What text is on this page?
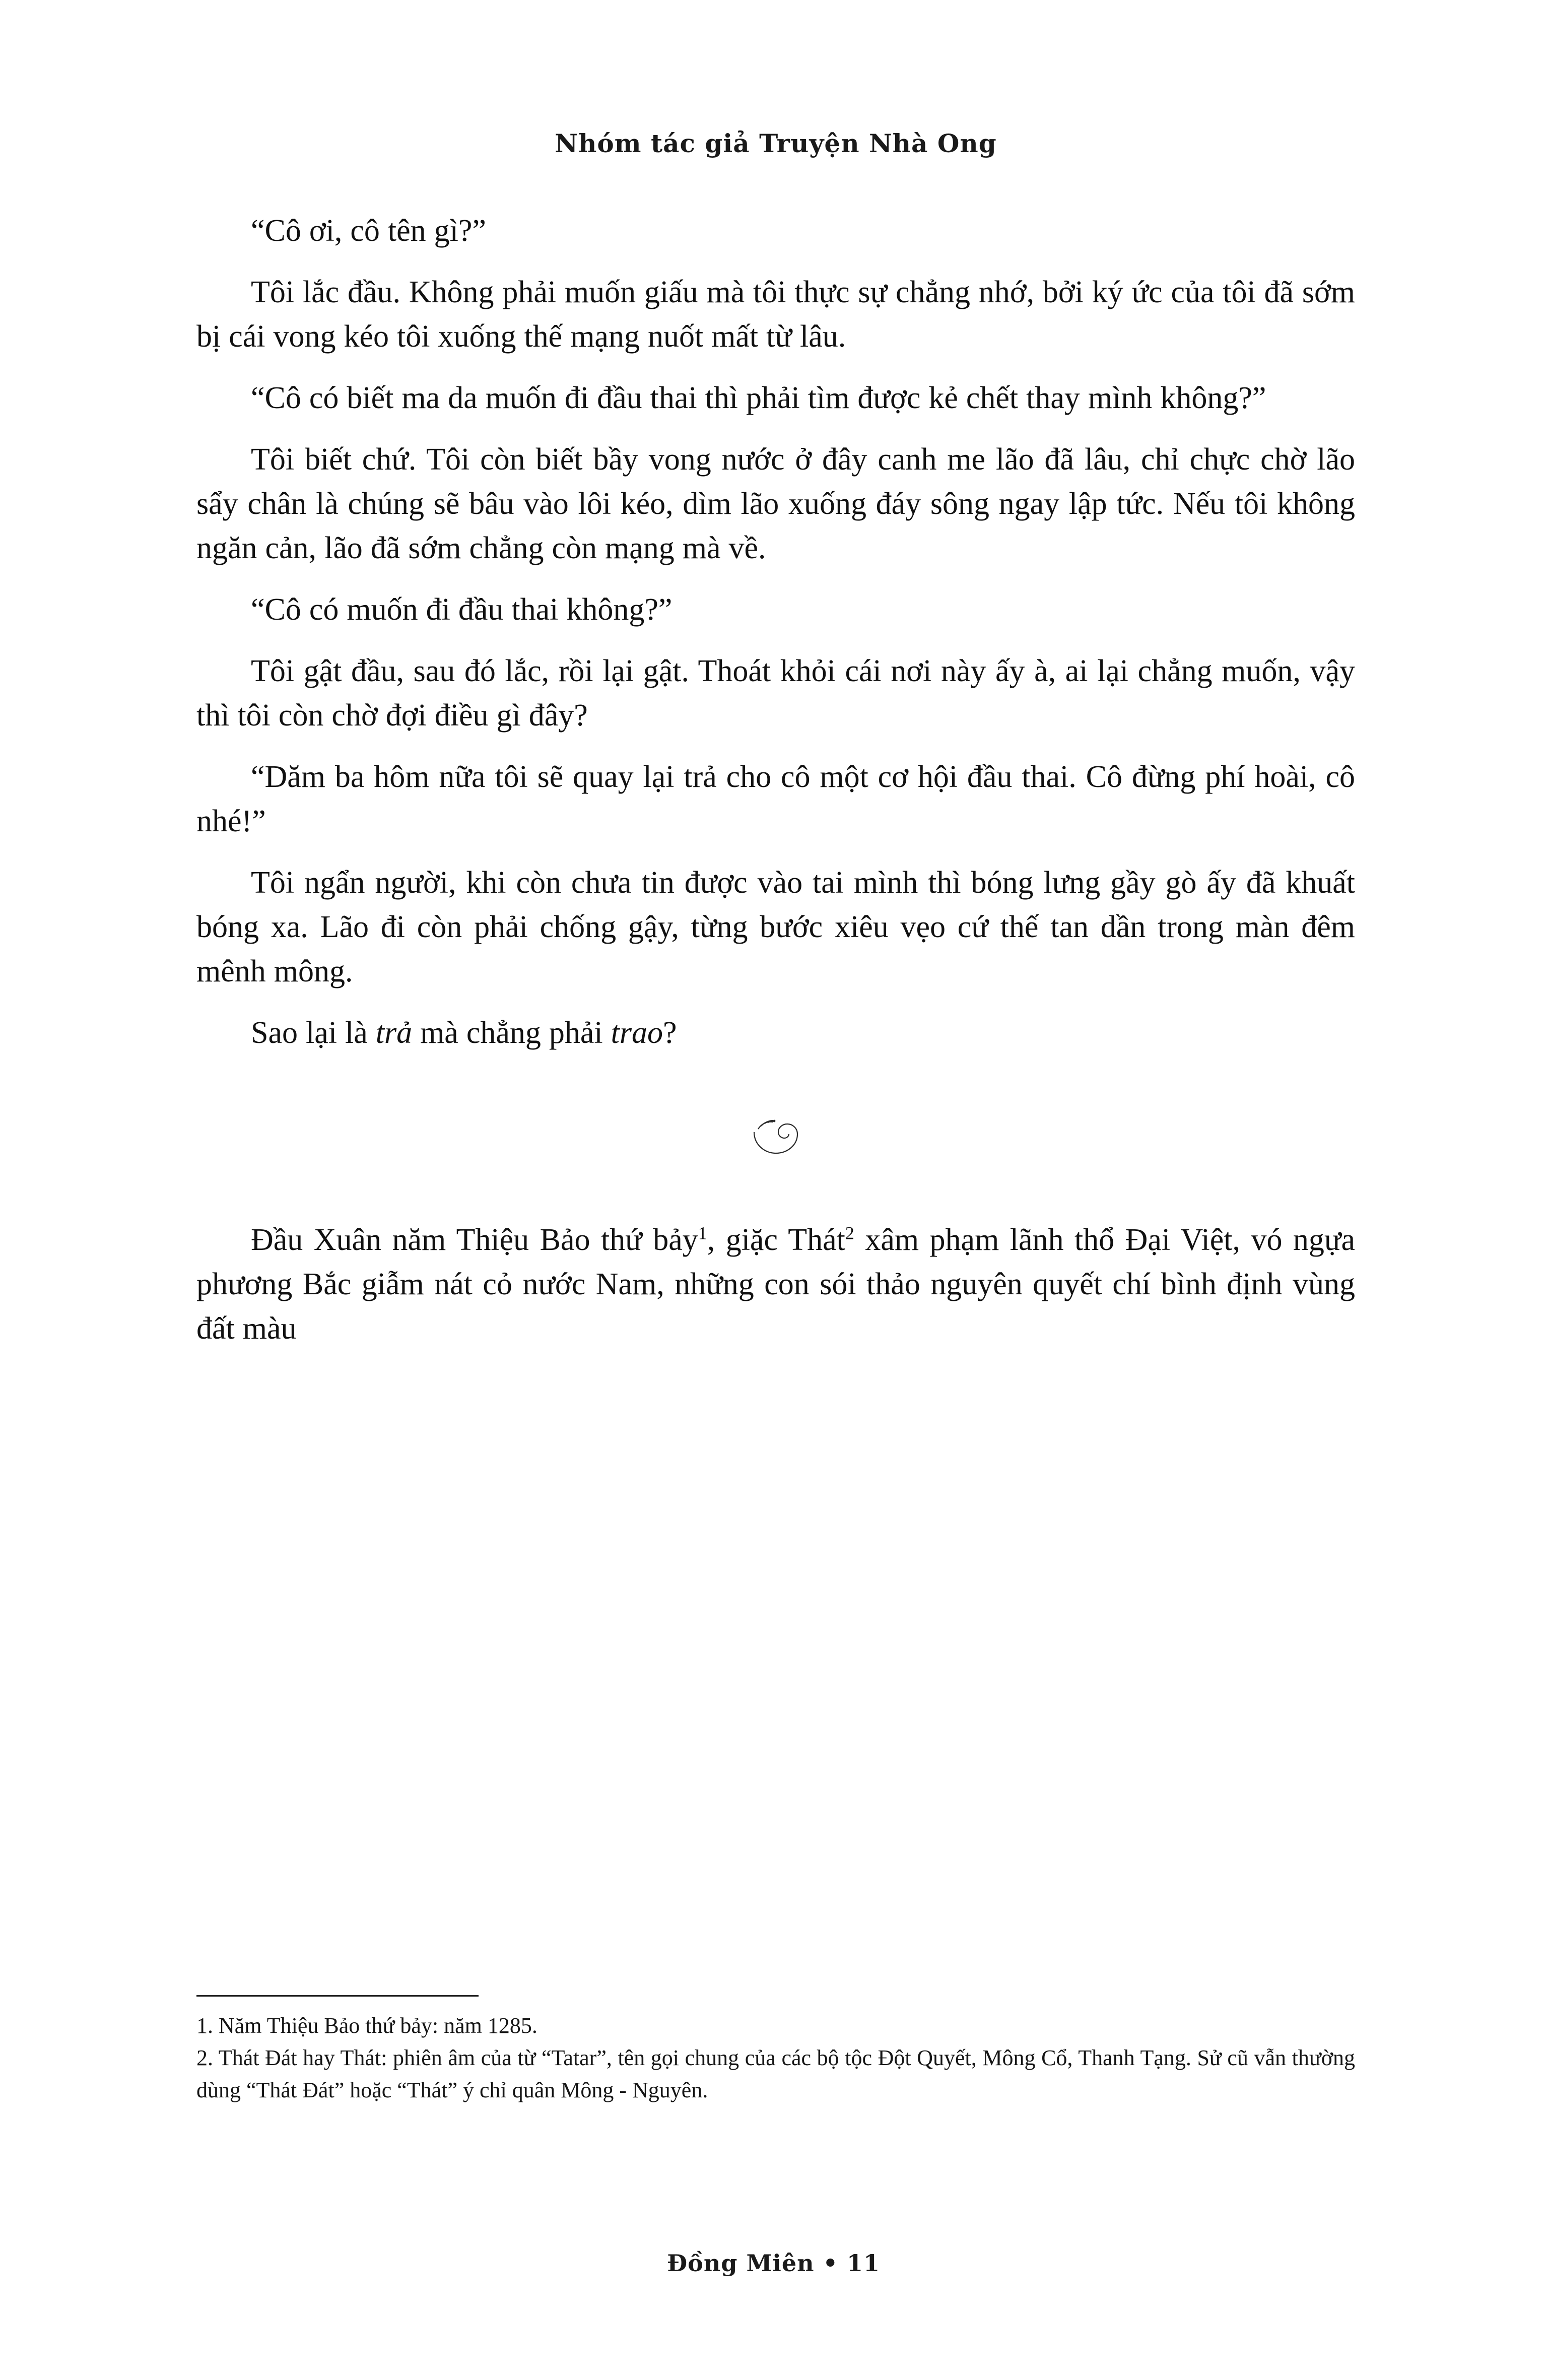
Nhóm tác giả Truyện Nhà Ong

“Cô ơi, cô tên gì?”

Tôi lắc đầu. Không phải muốn giấu mà tôi thực sự chẳng nhớ, bởi ký ức của tôi đã sớm bị cái vong kéo tôi xuống thế mạng nuốt mất từ lâu.

“Cô có biết ma da muốn đi đầu thai thì phải tìm được kẻ chết thay mình không?”

Tôi biết chứ. Tôi còn biết bầy vong nước ở đây canh me lão đã lâu, chỉ chực chờ lão sẩy chân là chúng sẽ bâu vào lôi kéo, dìm lão xuống đáy sông ngay lập tức. Nếu tôi không ngăn cản, lão đã sớm chẳng còn mạng mà về.

“Cô có muốn đi đầu thai không?”

Tôi gật đầu, sau đó lắc, rồi lại gật. Thoát khỏi cái nơi này ấy à, ai lại chẳng muốn, vậy thì tôi còn chờ đợi điều gì đây?

“Dăm ba hôm nữa tôi sẽ quay lại trả cho cô một cơ hội đầu thai. Cô đừng phí hoài, cô nhé!”

Tôi ngẩn người, khi còn chưa tin được vào tai mình thì bóng lưng gầy gò ấy đã khuất bóng xa. Lão đi còn phải chống gậy, từng bước xiêu vẹo cứ thế tan dần trong màn đêm mênh mông.

Sao lại là trả mà chẳng phải trao?

Đầu Xuân năm Thiệu Bảo thứ bảy$^1$, giặc Thát$^2$ xâm phạm lãnh thổ Đại Việt, vó ngựa phương Bắc giẫm nát cỏ nước Nam, những con sói thảo nguyên quyết chí bình định vùng đất màu

1. Năm Thiệu Bảo thứ bảy: năm 1285.

2. Thát Đát hay Thát: phiên âm của từ “Tatar”, tên gọi chung của các bộ tộc Đột Quyết, Mông Cổ, Thanh Tạng. Sử cũ vẫn thường dùng “Thát Đát” hoặc “Thát” ý chỉ quân Mông - Nguyên.

Đồng Miên • 11
